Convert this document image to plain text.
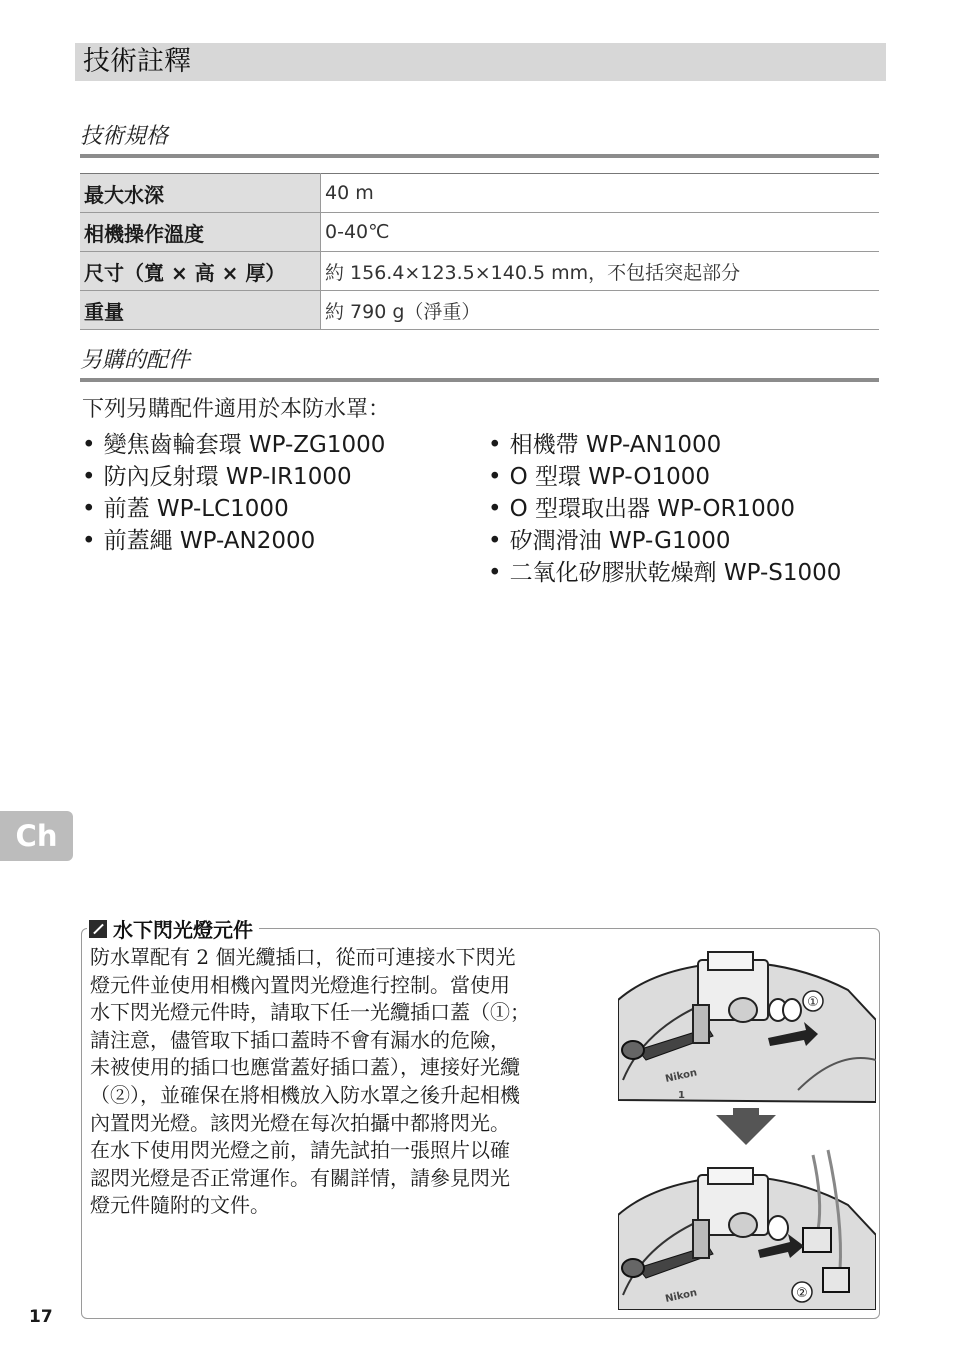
技術註釋
技術規格
最大水深	40 m
相機操作溫度	0-40℃
尺寸（寬 × 高 × 厚）	約 156.4×123.5×140.5 mm，不包括突起部分
重量	約 790 g（淨重）
另購的配件
下列另購配件適用於本防水罩：
• 變焦齒輪套環 WP-ZG1000
• 防內反射環 WP-IR1000
• 前蓋 WP-LC1000
• 前蓋繩 WP-AN2000
• 相機帶 WP-AN1000
• O 型環 WP-O1000
• O 型環取出器 WP-OR1000
• 矽潤滑油 WP-G1000
• 二氧化矽膠狀乾燥劑 WP-S1000
Ch
水下閃光燈元件
防水罩配有 2 個光纜插口，從而可連接水下閃光
燈元件並使用相機內置閃光燈進行控制。當使用
水下閃光燈元件時，請取下任一光纜插口蓋（①；
請注意，儘管取下插口蓋時不會有漏水的危險，
未被使用的插口也應當蓋好插口蓋），連接好光纜
（②），並確保在將相機放入防水罩之後升起相機
內置閃光燈。該閃光燈在每次拍攝中都將閃光。
在水下使用閃光燈之前，請先試拍一張照片以確
認閃光燈是否正常運作。有關詳情，請參見閃光
燈元件隨附的文件。
①
Nikon
1
②
Nikon
17
